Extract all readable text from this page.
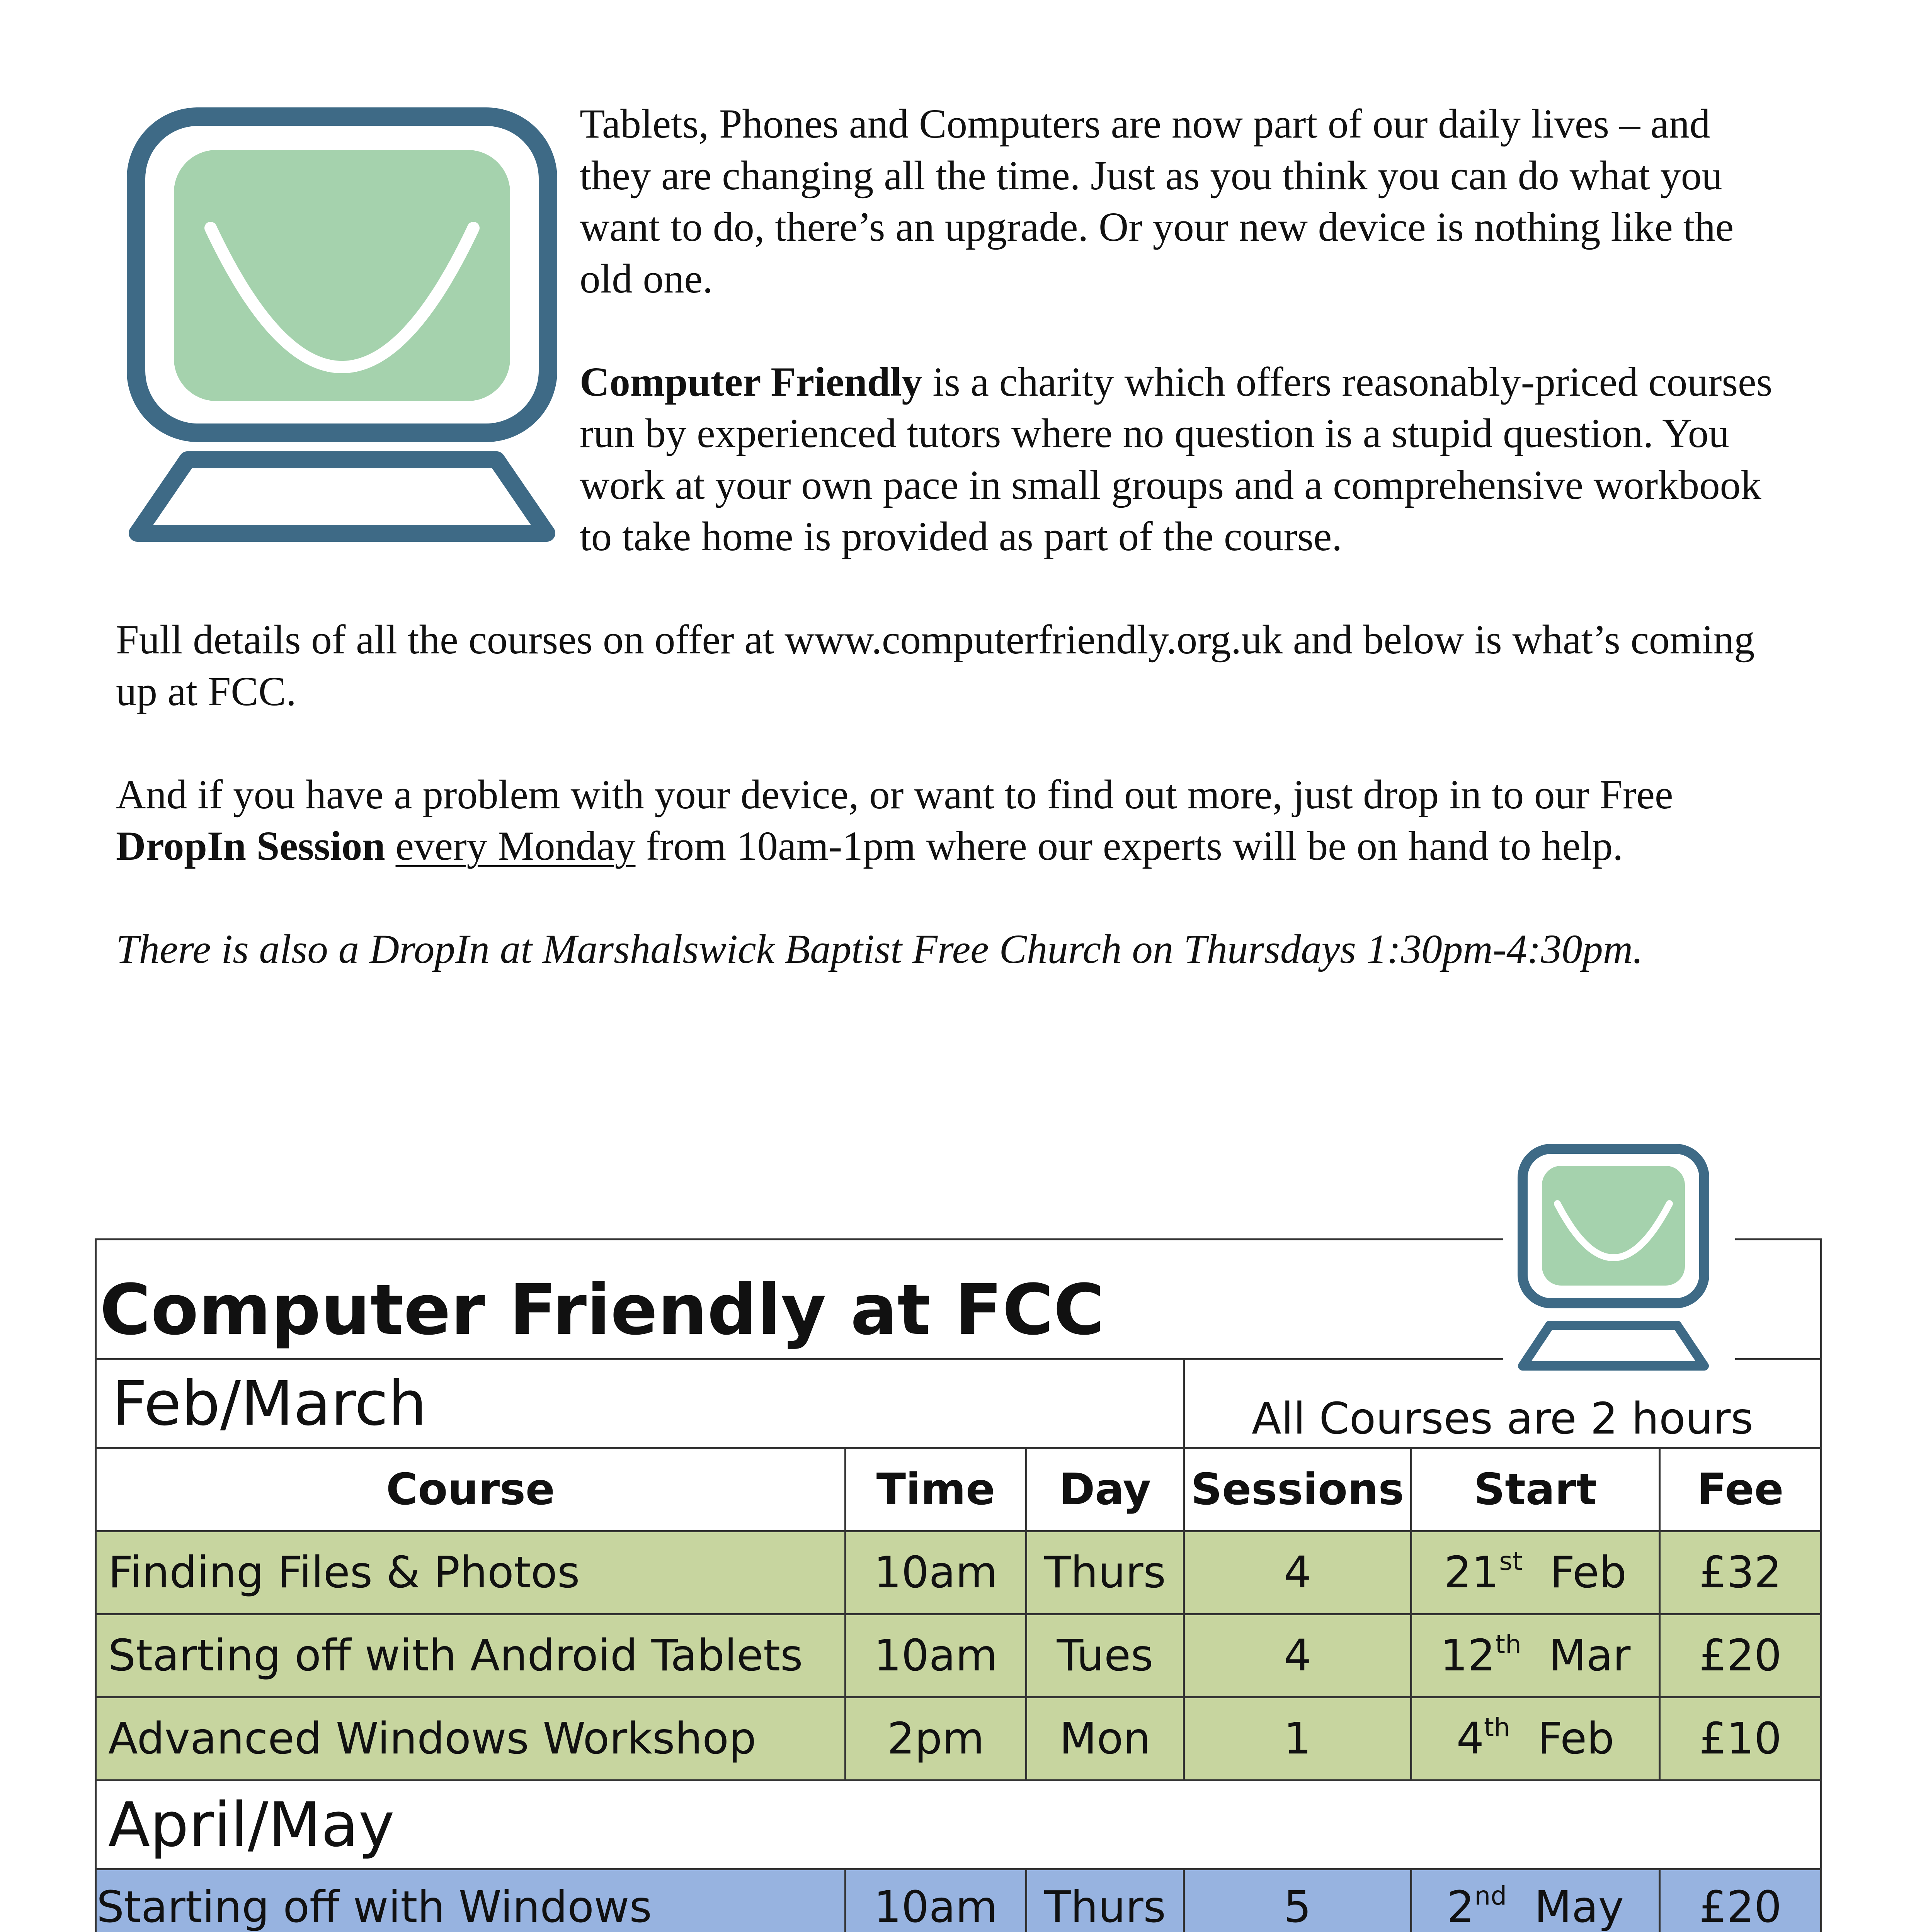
Tablets, Phones and Computers are now part of our daily lives – and they are changing all the time. Just as you think you can do what you want to do, there’s an upgrade. Or your new device is nothing like the old one.

Computer Friendly is a charity which offers reasonably-priced courses run by experienced tutors where no question is a stupid question. You work at your own pace in small groups and a comprehensive workbook to take home is provided as part of the course.

Full details of all the courses on offer at www.computerfriendly.org.uk and below is what’s coming up at FCC.

And if you have a problem with your device, or want to find out more, just drop in to our Free DropIn Session every Monday from 10am-1pm where our experts will be on hand to help.

There is also a DropIn at Marshalswick Baptist Free Church on Thursdays 1:30pm-4:30pm.

Computer Friendly at FCC					

Feb/March			All Courses are 2 hours		
Course	Time	Day	Sessions	Start	Fee
Finding Files & Photos	10am	Thurs	4	21st Feb	£32
Starting off with Android Tablets	10am	Tues	4	12th Mar	£20
Advanced Windows Workshop	2pm	Mon	1	4th Feb	£10
April/May					
Starting off with Windows	10am	Thurs	5	2nd May	£20
